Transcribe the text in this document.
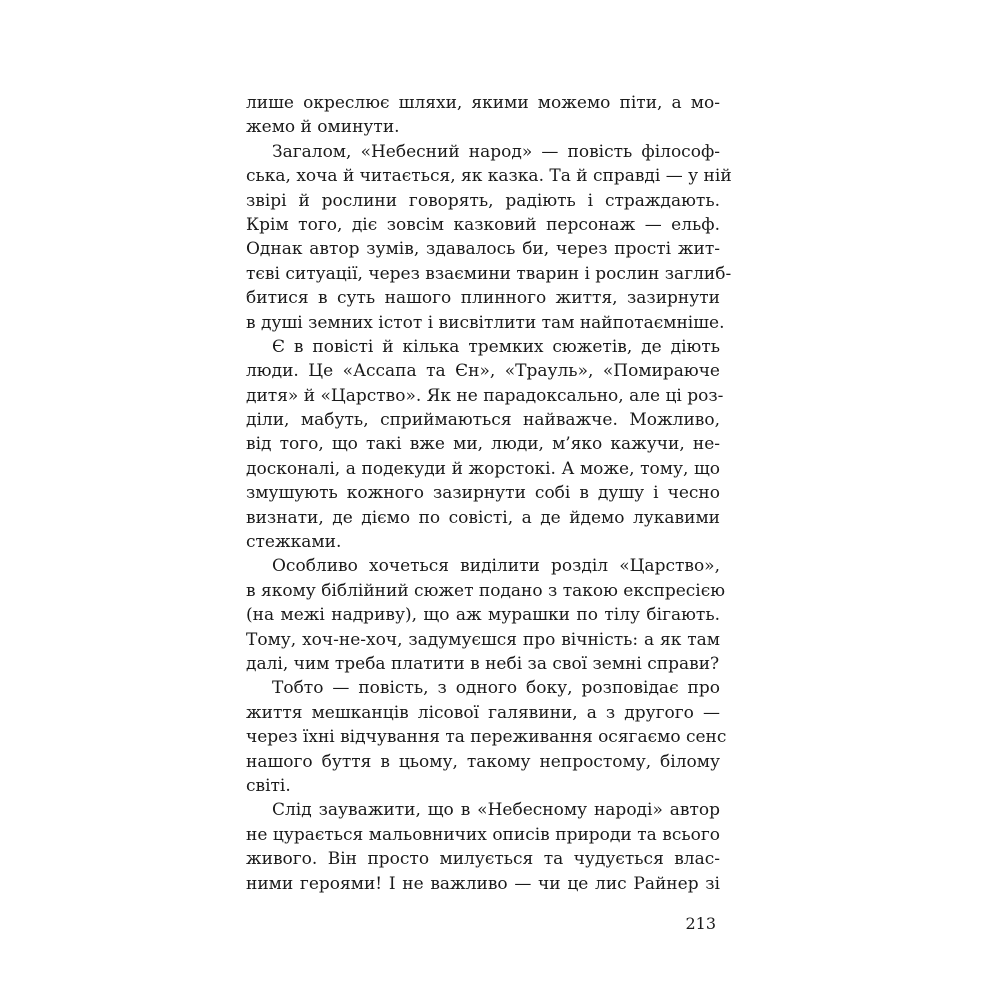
лише окреслює шляхи, якими можемо піти, а мо-
жемо й оминути.
Загалом, «Небесний народ» — повість філософ-
ська, хоча й читається, як казка. Та й справді — у ній
звірі й рослини говорять, радіють і страждають.
Крім того, діє зовсім казковий персонаж — ельф.
Однак автор зумів, здавалось би, через прості жит-
тєві ситуації, через взаємини тварин і рослин заглиб-
битися в суть нашого плинного життя, зазирнути
в душі земних істот і висвітлити там найпотаємніше.
Є в повісті й кілька тремких сюжетів, де діють
люди. Це «Ассапа та Єн», «Трауль», «Помираюче
дитя» й «Царство». Як не парадоксально, але ці роз-
діли, мабуть, сприймаються найважче. Можливо,
від того, що такі вже ми, люди, м’яко кажучи, не-
досконалі, а подекуди й жорстокі. А може, тому, що
змушують кожного зазирнути собі в душу і чесно
визнати, де діємо по совісті, а де йдемо лукавими
стежками.
Особливо хочеться виділити розділ «Царство»,
в якому біблійний сюжет подано з такою експресією
(на межі надриву), що аж мурашки по тілу бігають.
Тому, хоч-не-хоч, задумуєшся про вічність: а як там
далі, чим треба платити в небі за свої земні справи?
Тобто — повість, з одного боку, розповідає про
життя мешканців лісової галявини, а з другого —
через їхні відчування та переживання осягаємо сенс
нашого буття в цьому, такому непростому, білому
світі.
Слід зауважити, що в «Небесному народі» автор
не цурається мальовничих описів природи та всього
живого. Він просто милується та чудується влас-
ними героями! І не важливо — чи це лис Райнер зі
213
